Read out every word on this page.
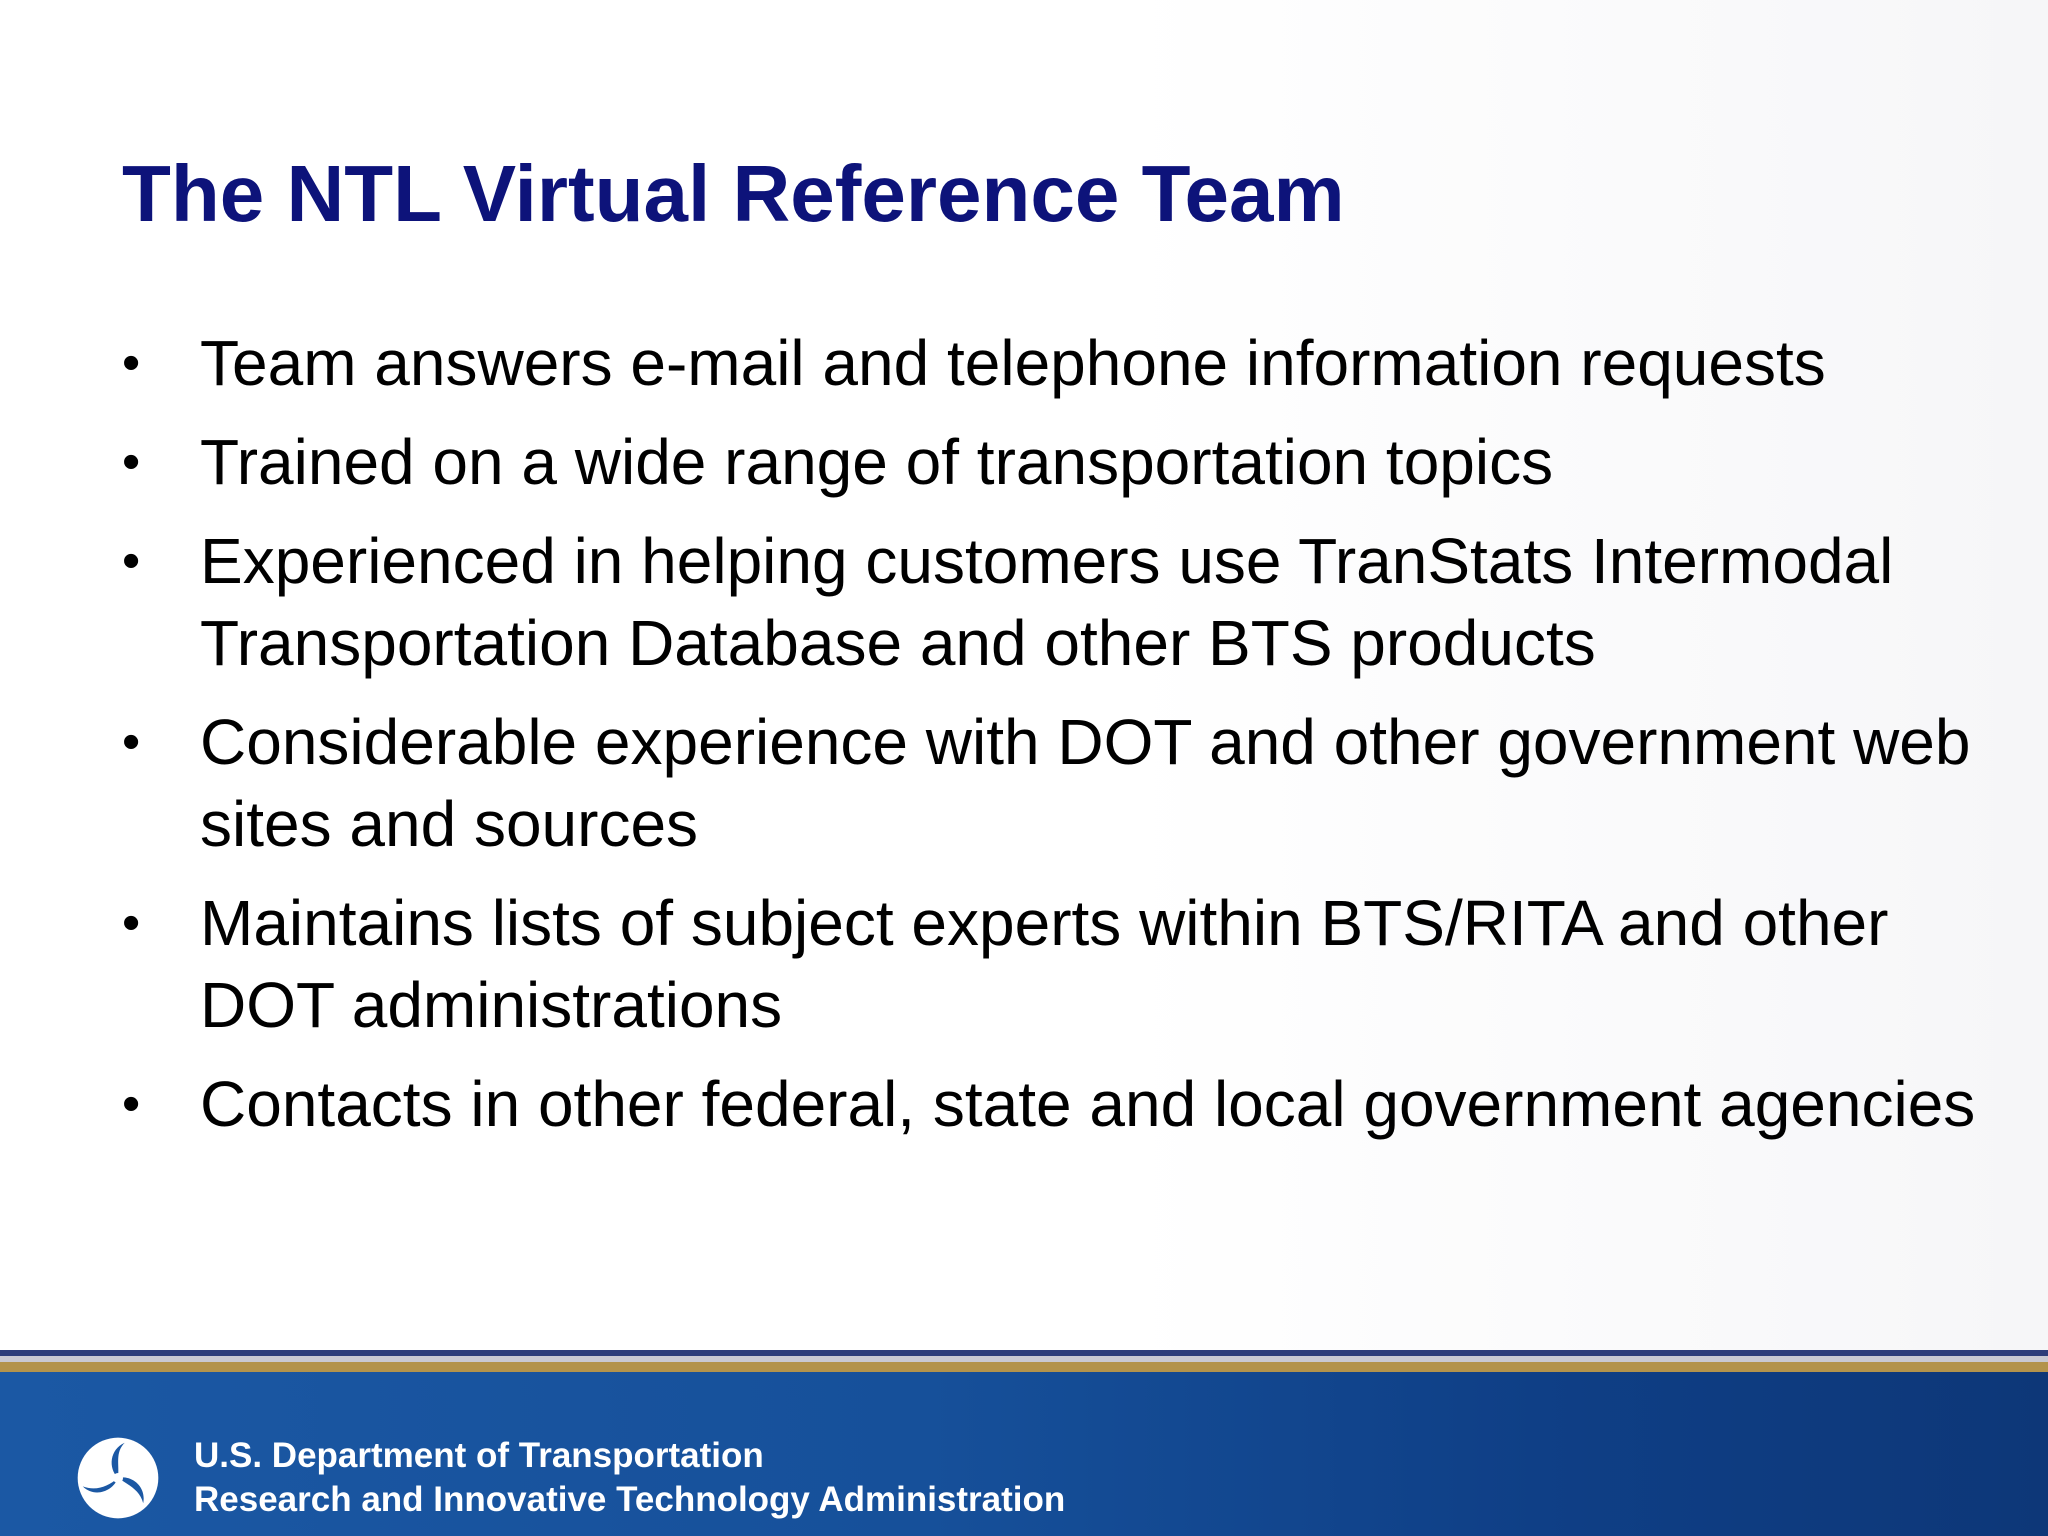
The NTL Virtual Reference Team
• Team answers e-mail and telephone information requests
• Trained on a wide range of transportation topics
• Experienced in helping customers use TranStats Intermodal Transportation Database and other BTS products
• Considerable experience with DOT and other government web sites and sources
• Maintains lists of subject experts within BTS/RITA and other DOT administrations
• Contacts in other federal, state and local government agencies
U.S. Department of Transportation
Research and Innovative Technology Administration
